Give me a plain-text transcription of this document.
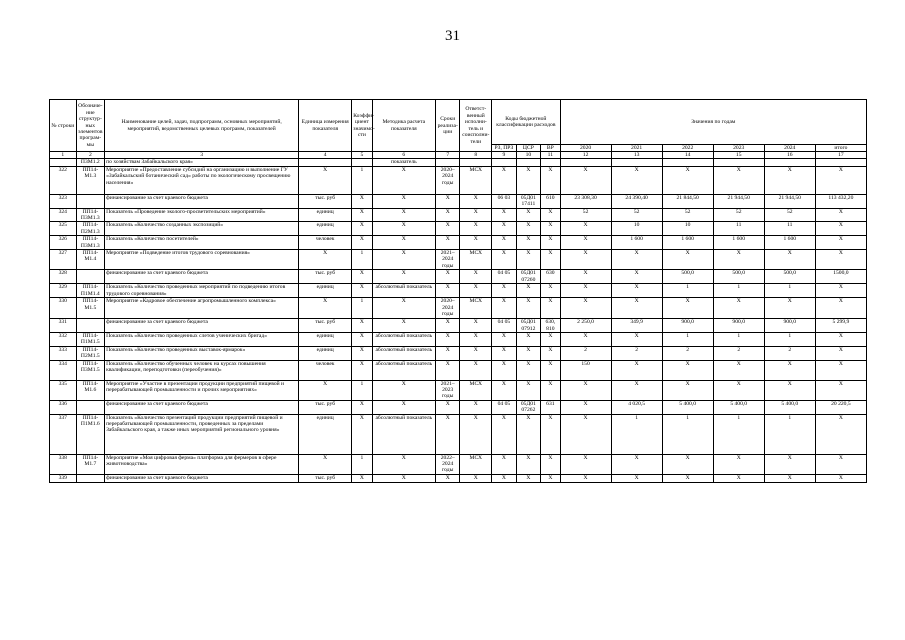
31
№ строки	Обозначе-ние структур-ных элементов програм-мы	Наименование целей, задач, подпрограмм, основных мероприятий, мероприятий, ведомственных целевых программ, показателей	Единица измерения показателя	Коэффи-циент значимо-сти	Методика расчета показателя	Сроки реализа-ции	Ответст-венный исполни-тель и соисполни-тели	Коды бюджетной классификации расходов			Значения по годам					
								РЗ, ПРЗ	ЦСР	ВР	2020	2021	2022	2023	2024	итого
1	2	3	4	5	6	7	8	9	10	11	12	13	14	15	16	17
	П3М1.2	по хозяйствам Забайкальского края»			показатель											
322	ПП14-М1.3	Мероприятие «Предоставление субсидий на организацию и выполнение ГУ «Забайкальский ботанический сад» работы по экологическому просвещению населения»	X	1	X	2020–2024 годы	МСХ	X	X	X	X	X	X	X	X	X
323		финансирование за счет краевого бюджета	тыс. руб	X	X	X	X	06 03	05Д01 17411	610	23 308,30	24 390,40	21 844,50	21 944,50	21 944,50	113 432,20
324	ПП14-П3М1.3	Показатель «Проведение эколого-просветительских мероприятий»	единиц	X	X	X	X	X	X	X	52	52	52	52	52	X
325	ПП14-П2М1.3	Показатель «Количество созданных экспозиций»	единиц	X	X	X	X	X	X	X	X	10	10	11	11	X
326	ПП14-П3М1.3	Показатель «Количество посетителей»	человек	X	X	X	X	X	X	X	X	1 600	1 600	1 600	1 600	X
327	ПП14-М1.4	Мероприятие «Подведение итогов трудового соревнования»	X	1	X	2021–2024 годы	МСХ	X	X	X	X	X	X	X	X	X
328		финансирование за счет краевого бюджета	тыс. руб	X	X	X	X	04 05	05Д01 07260	630	X	X	500,0	500,0	500,0	1500,0
329	ПП14-П1М1.4	Показатель «Количество проведенных мероприятий по подведению итогов трудового соревнования»	единиц	X	абсолютный показатель	X	X	X	X	X	X	X	1	1	1	X
330	ПП14-М1.5	Мероприятие «Кадровое обеспечение агропромышленного комплекса»	X	1	X	2020–2024 годы	МСХ	X	X	X	X	X	X	X	X	X
331		финансирование за счет краевого бюджета	тыс. руб	X	X	X	X	04 05	05Д01 07912	630, 810	2 250,0	349,9	900,0	900,0	900,0	5 299,9
332	ПП14-П1М1.5	Показатель «Количество проведенных слетов ученических бригад»	единиц	X	абсолютный показатель	X	X	X	X	X	X	X	1	1	1	X
333	ПП14-П2М1.5	Показатель «Количество проведенных выставок-ярмарок»	единиц	X	абсолютный показатель	X	X	X	X	X	2	2	2	2	2	X
334	ПП14-П3М1.5	Показатель «Количество обученных человек на курсах повышения квалификации, переподготовки (переобучения)»	человек	X	абсолютный показатель	X	X	X	X	X	150	X	X	X	X	X
335	ПП14-М1.6	Мероприятие «Участие в презентации продукции предприятий пищевой и перерабатывающей промышленности и прочих мероприятиях»	X	1	X	2021–2023 годы	МСХ	X	X	X	X	X	X	X	X	X
336		финансирование за счет краевого бюджета	тыс. руб	X	X	X	X	04 05	05Д01 07262	631	X	4 020,5	5 400,0	5 400,0	5 400,0	20 220,5
337	ПП14-П1М1.6	Показатель «Количество презентаций продукции предприятий пищевой и перерабатывающей промышленности, проведенных за пределами Забайкальского края, а также иных мероприятий регионального уровня»	единиц	X	абсолютный показатель	X	X	X	X	X	X	1	1	1	1	X
338	ПП14-М1.7	Мероприятие «Моя цифровая ферма» платформа для фермеров в сфере животноводства»	X	1	X	2022–2024 годы	МСХ	X	X	X	X	X	X	X	X	X
339		финансирование за счет краевого бюджета	тыс. руб	X	X	X	X	X	X	X	X	X	X	X	X	X
